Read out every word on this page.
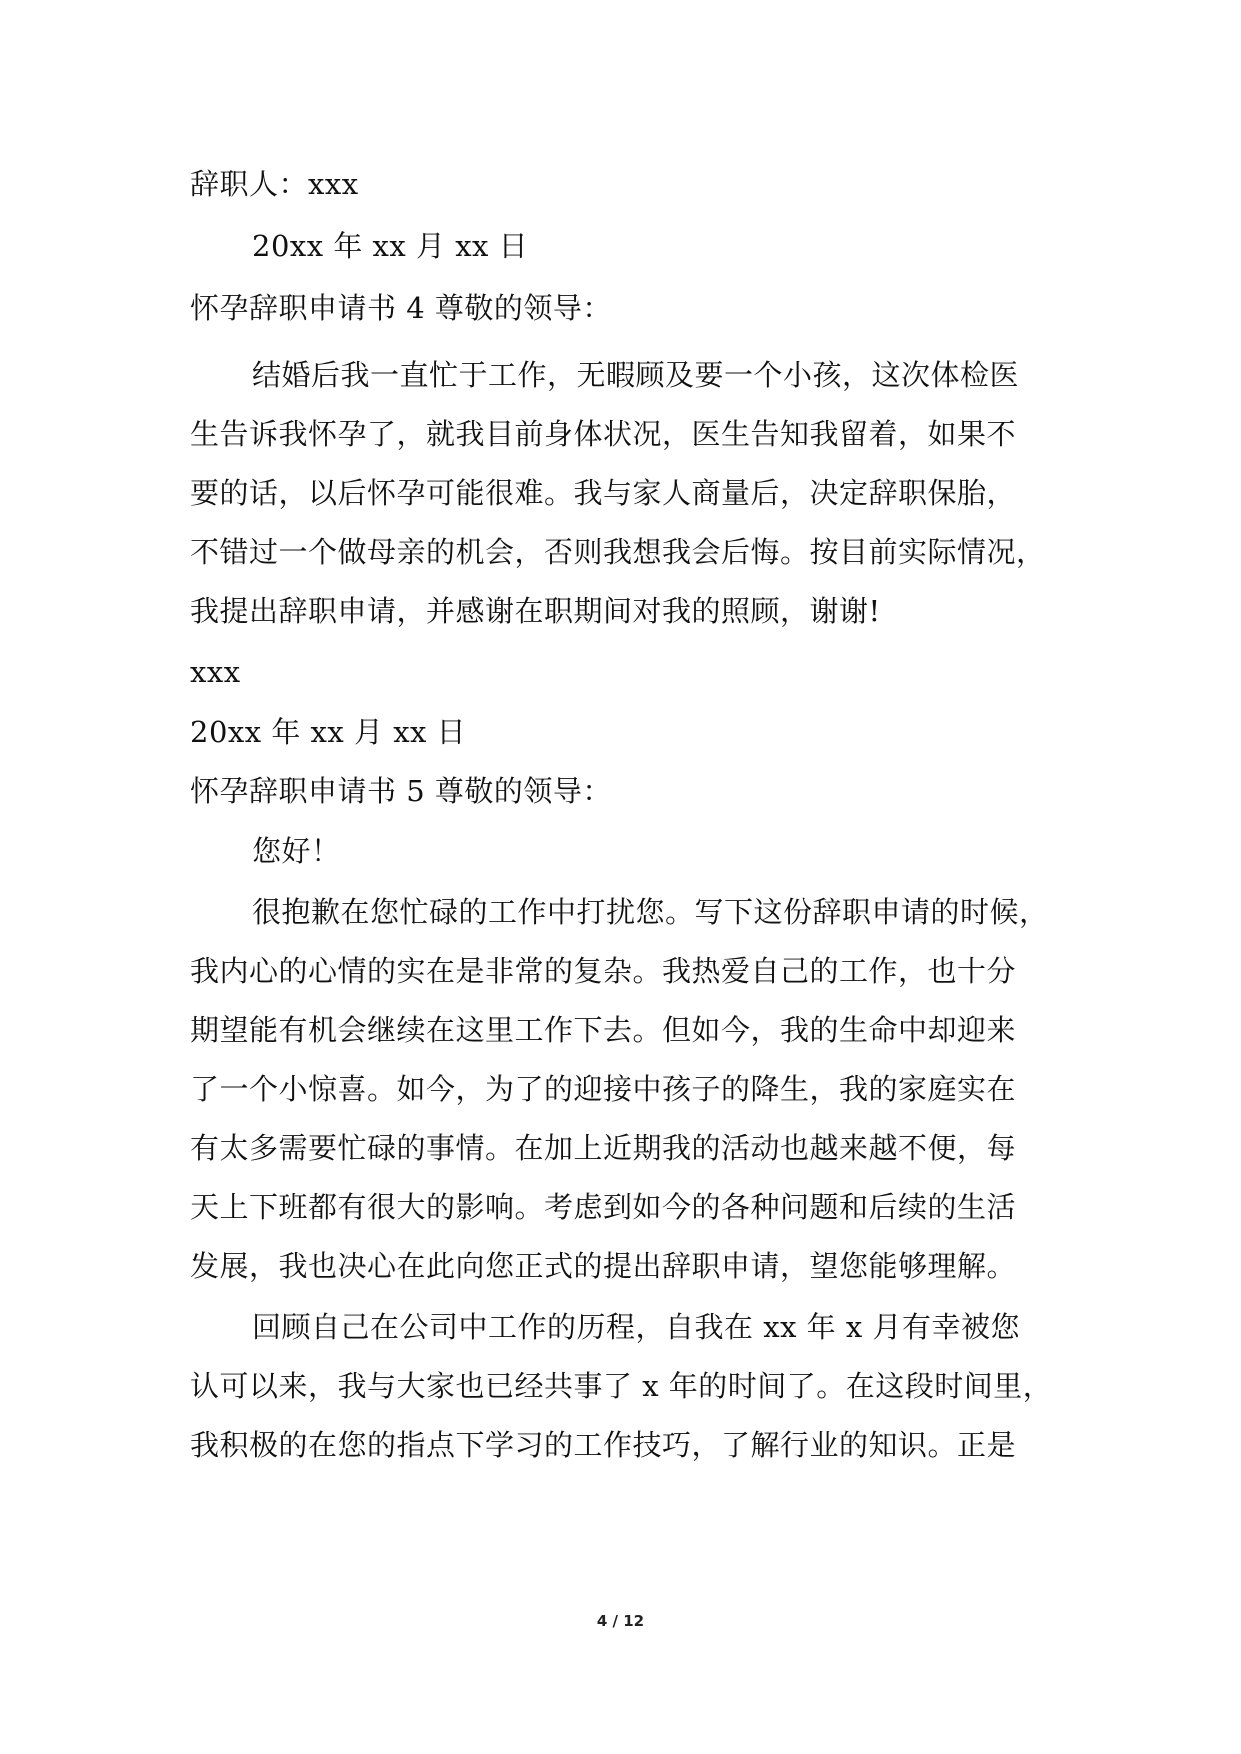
辞职人：xxx
20xx 年 xx 月 xx 日
怀孕辞职申请书 4 尊敬的领导：
结婚后我一直忙于工作，无暇顾及要一个小孩，这次体检医
生告诉我怀孕了，就我目前身体状况，医生告知我留着，如果不
要的话，以后怀孕可能很难。我与家人商量后，决定辞职保胎，
不错过一个做母亲的机会，否则我想我会后悔。按目前实际情况，
我提出辞职申请，并感谢在职期间对我的照顾，谢谢!
xxx
20xx 年 xx 月 xx 日
怀孕辞职申请书 5 尊敬的领导：
您好！
很抱歉在您忙碌的工作中打扰您。写下这份辞职申请的时候，
我内心的心情的实在是非常的复杂。我热爱自己的工作，也十分
期望能有机会继续在这里工作下去。但如今，我的生命中却迎来
了一个小惊喜。如今，为了的迎接中孩子的降生，我的家庭实在
有太多需要忙碌的事情。在加上近期我的活动也越来越不便，每
天上下班都有很大的影响。考虑到如今的各种问题和后续的生活
发展，我也决心在此向您正式的提出辞职申请，望您能够理解。
回顾自己在公司中工作的历程，自我在 xx 年 x 月有幸被您
认可以来，我与大家也已经共事了 x 年的时间了。在这段时间里，
我积极的在您的指点下学习的工作技巧，了解行业的知识。正是
4 / 12
